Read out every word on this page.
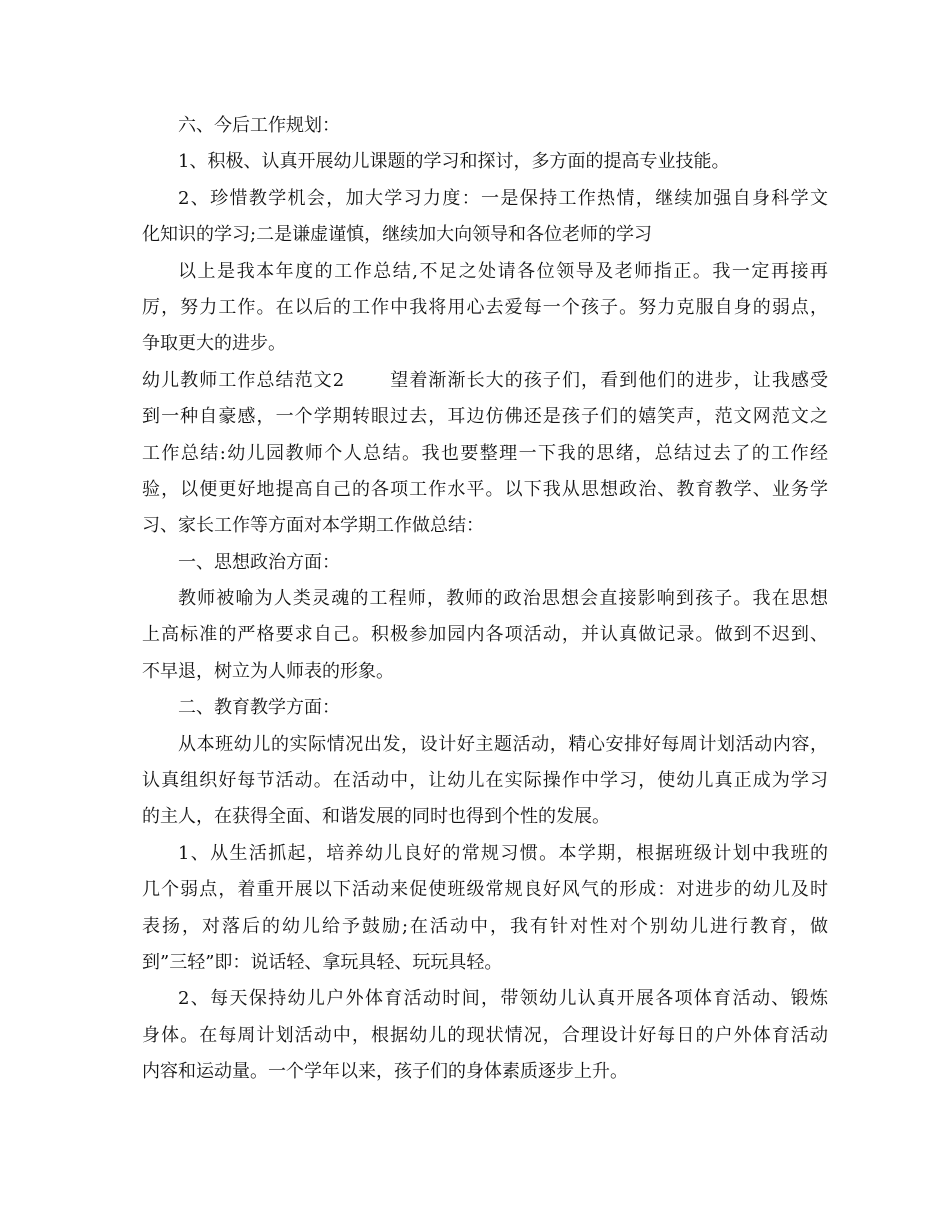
六、今后工作规划：
1、积极、认真开展幼儿课题的学习和探讨，多方面的提高专业技能。
2、珍惜教学机会，加大学习力度：一是保持工作热情，继续加强自身科学文
化知识的学习;二是谦虚谨慎，继续加大向领导和各位老师的学习
以上是我本年度的工作总结,不足之处请各位领导及老师指正。我一定再接再
厉，努力工作。在以后的工作中我将用心去爱每一个孩子。努力克服自身的弱点，
争取更大的进步。
幼儿教师工作总结范文2　　 望着渐渐长大的孩子们，看到他们的进步，让我感受
到一种自豪感，一个学期转眼过去，耳边仿佛还是孩子们的嬉笑声，范文网范文之
工作总结:幼儿园教师个人总结。我也要整理一下我的思绪，总结过去了的工作经
验，以便更好地提高自己的各项工作水平。以下我从思想政治、教育教学、业务学
习、家长工作等方面对本学期工作做总结：
一、思想政治方面：
教师被喻为人类灵魂的工程师，教师的政治思想会直接影响到孩子。我在思想
上高标准的严格要求自己。积极参加园内各项活动，并认真做记录。做到不迟到、
不早退，树立为人师表的形象。
二、教育教学方面：
从本班幼儿的实际情况出发，设计好主题活动，精心安排好每周计划活动内容，
认真组织好每节活动。在活动中，让幼儿在实际操作中学习，使幼儿真正成为学习
的主人，在获得全面、和谐发展的同时也得到个性的发展。
1、从生活抓起，培养幼儿良好的常规习惯。本学期，根据班级计划中我班的
几个弱点，着重开展以下活动来促使班级常规良好风气的形成：对进步的幼儿及时
表扬，对落后的幼儿给予鼓励;在活动中，我有针对性对个别幼儿进行教育，做
到”三轻”即：说话轻、拿玩具轻、玩玩具轻。
2、每天保持幼儿户外体育活动时间，带领幼儿认真开展各项体育活动、锻炼
身体。在每周计划活动中，根据幼儿的现状情况，合理设计好每日的户外体育活动
内容和运动量。一个学年以来，孩子们的身体素质逐步上升。
